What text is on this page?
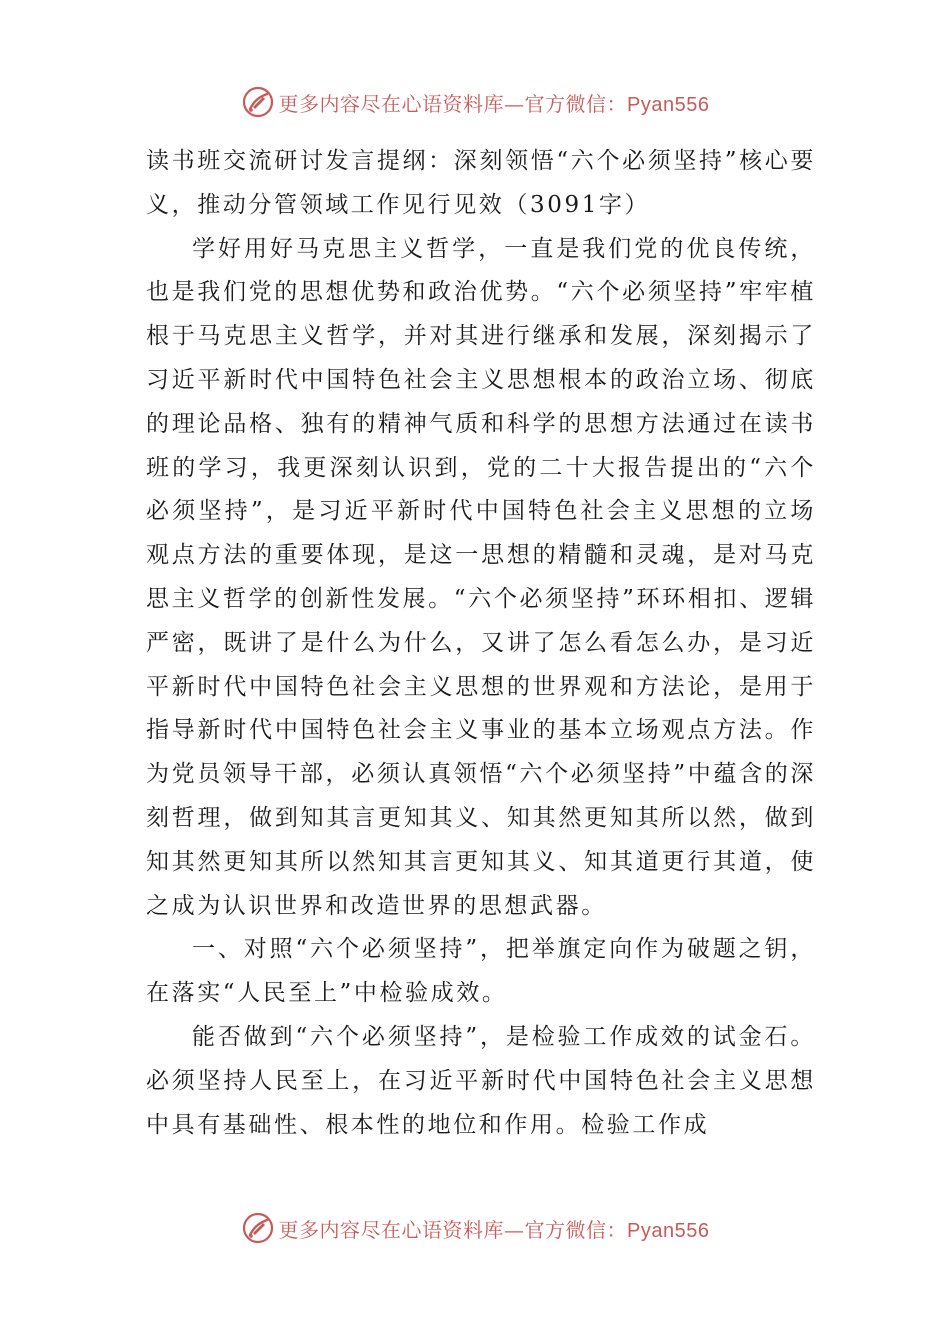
更多内容尽在心语资料库—官方微信：Pyan556

读书班交流研讨发言提纲：深刻领悟“六个必须坚持”核心要义，推动分管领域工作见行见效（3091字）

学好用好马克思主义哲学，一直是我们党的优良传统，也是我们党的思想优势和政治优势。“六个必须坚持”牢牢植根于马克思主义哲学，并对其进行继承和发展，深刻揭示了习近平新时代中国特色社会主义思想根本的政治立场、彻底的理论品格、独有的精神气质和科学的思想方法通过在读书班的学习，我更深刻认识到，党的二十大报告提出的“六个必须坚持”，是习近平新时代中国特色社会主义思想的立场观点方法的重要体现，是这一思想的精髓和灵魂，是对马克思主义哲学的创新性发展。“六个必须坚持”环环相扣、逻辑严密，既讲了是什么为什么，又讲了怎么看怎么办，是习近平新时代中国特色社会主义思想的世界观和方法论，是用于指导新时代中国特色社会主义事业的基本立场观点方法。作为党员领导干部，必须认真领悟“六个必须坚持”中蕴含的深刻哲理，做到知其言更知其义、知其然更知其所以然，做到知其然更知其所以然知其言更知其义、知其道更行其道，使之成为认识世界和改造世界的思想武器。

一、对照“六个必须坚持”，把举旗定向作为破题之钥，在落实“人民至上”中检验成效。

能否做到“六个必须坚持”，是检验工作成效的试金石。必须坚持人民至上，在习近平新时代中国特色社会主义思想中具有基础性、根本性的地位和作用。检验工作成

更多内容尽在心语资料库—官方微信：Pyan556
